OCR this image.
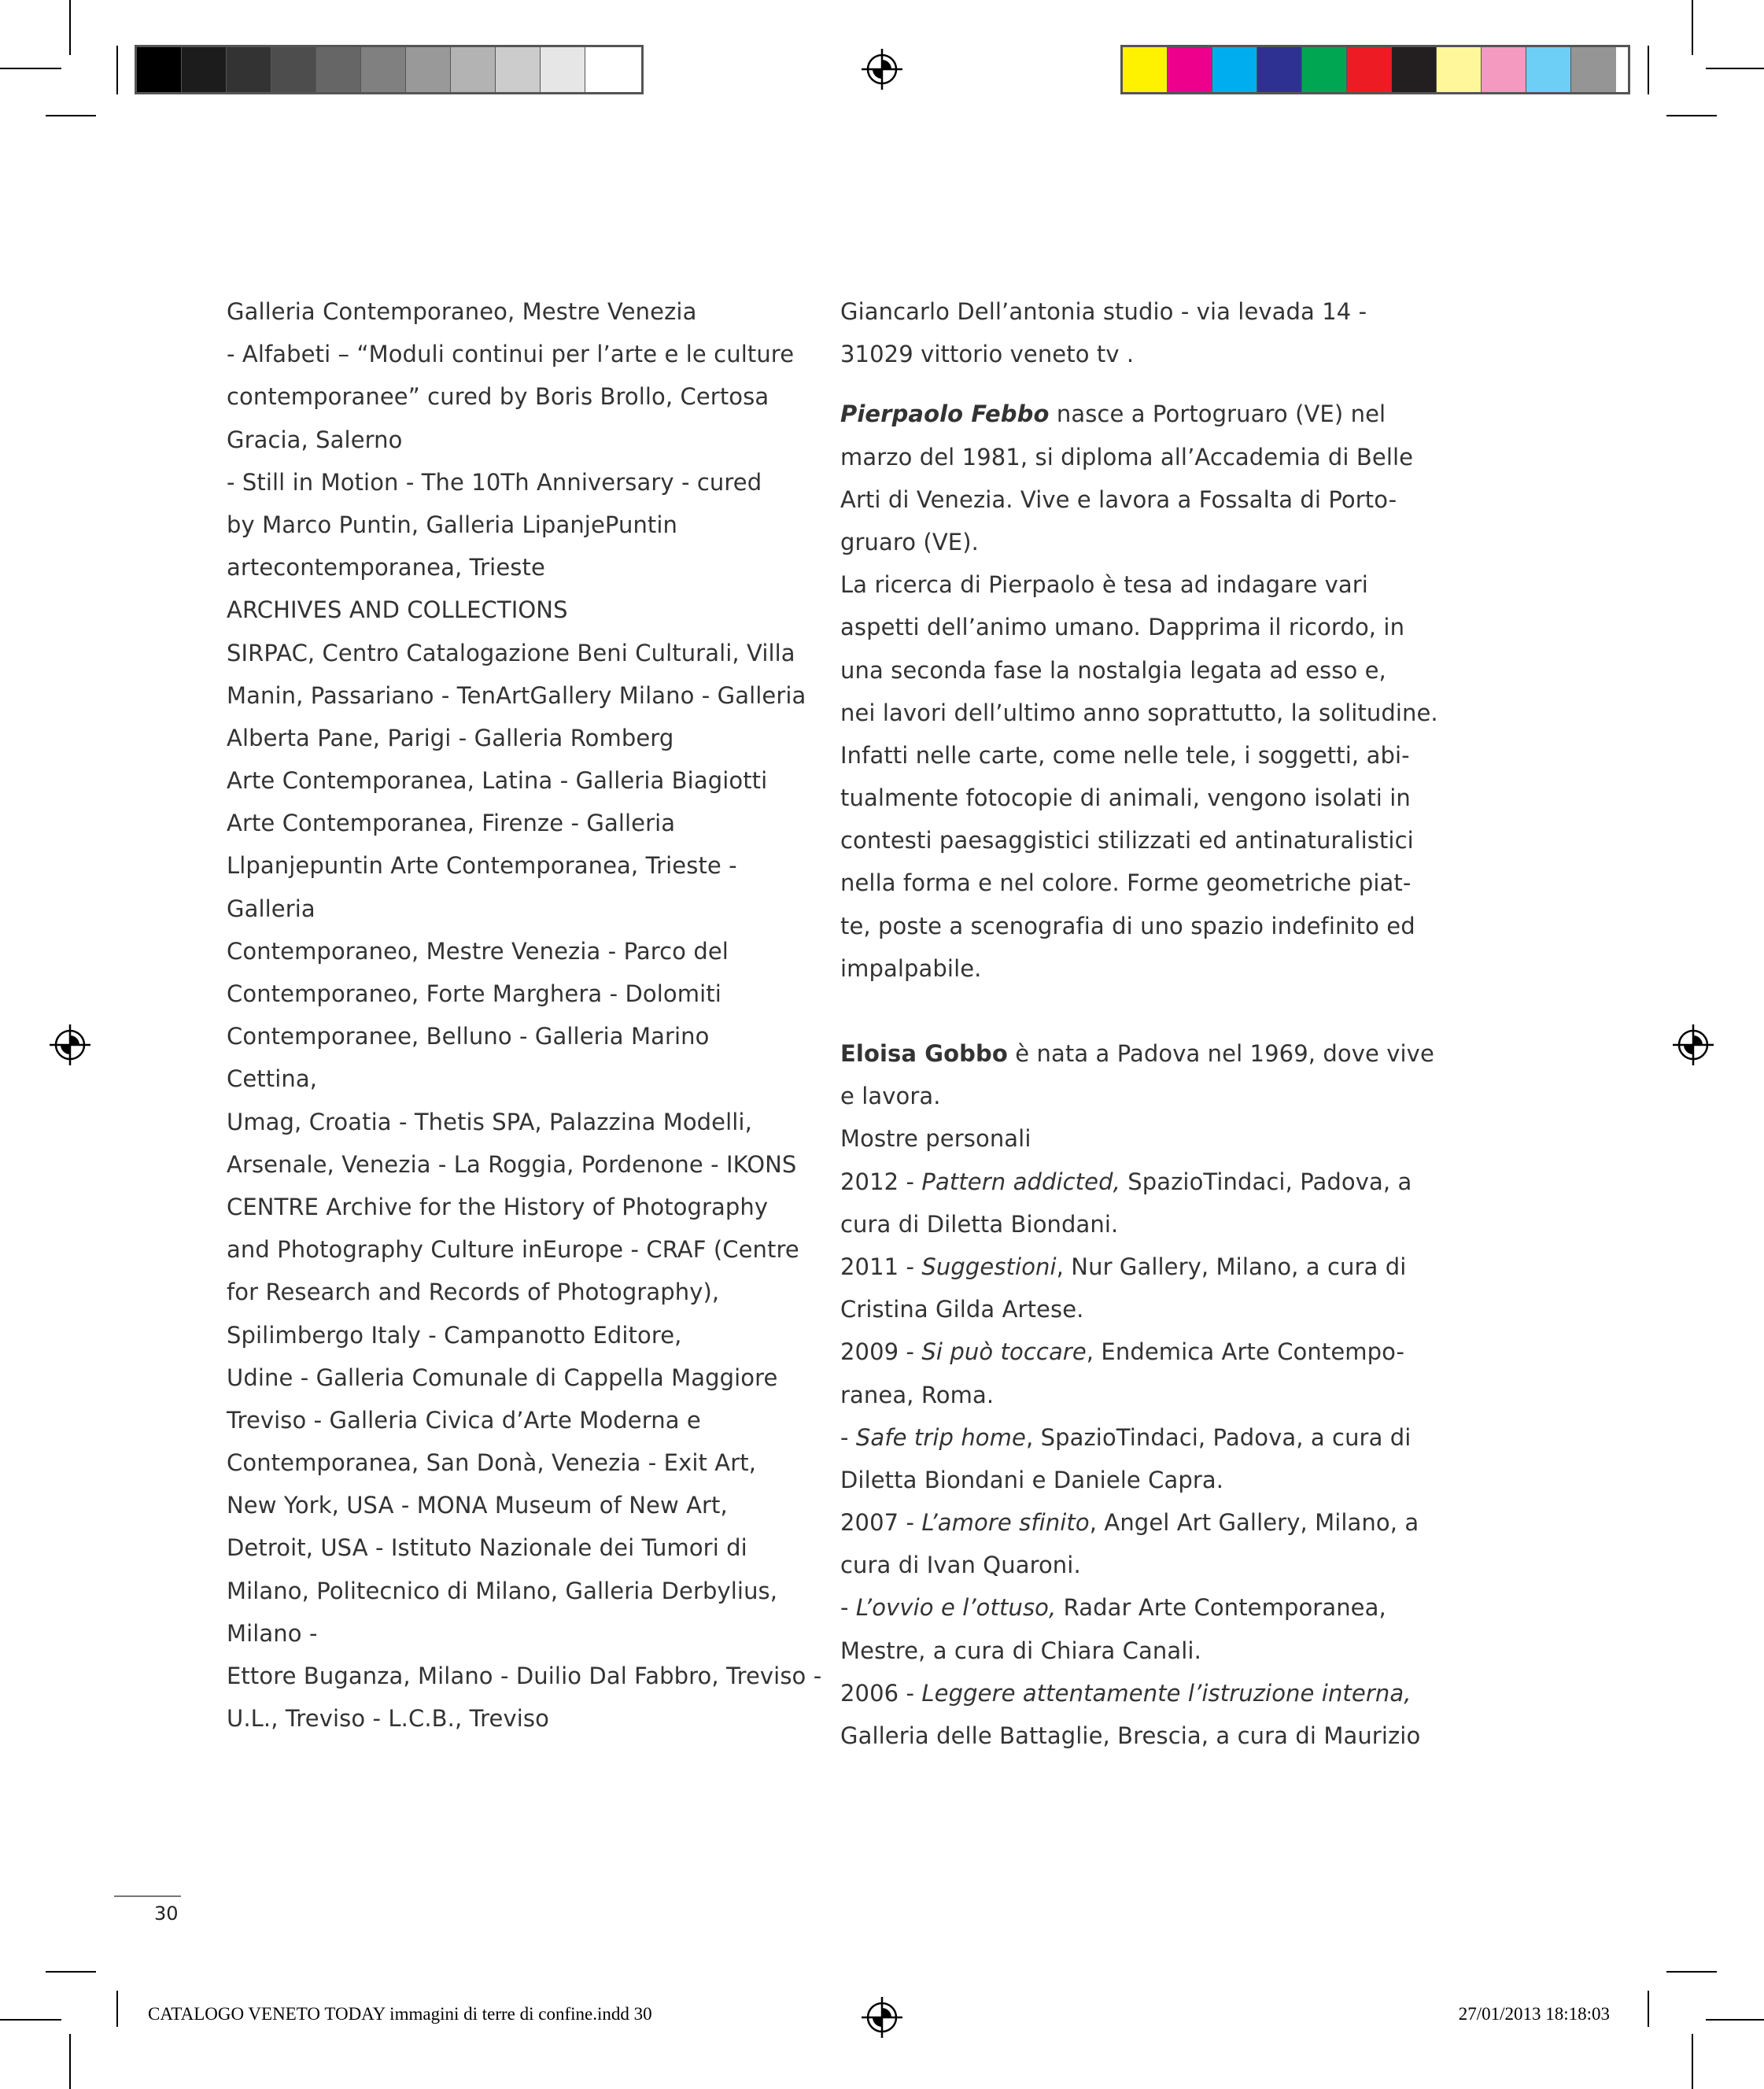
Galleria Contemporaneo, Mestre Venezia
- Alfabeti – “Moduli continui per l’arte e le culture
contemporanee” cured by Boris Brollo, Certosa
Gracia, Salerno
- Still in Motion - The 10Th Anniversary - cured
by Marco Puntin, Galleria LipanjePuntin
artecontemporanea, Trieste
ARCHIVES AND COLLECTIONS
SIRPAC, Centro Catalogazione Beni Culturali, Villa
Manin, Passariano - TenArtGallery Milano - Galleria
Alberta Pane, Parigi - Galleria Romberg
Arte Contemporanea, Latina - Galleria Biagiotti
Arte Contemporanea, Firenze - Galleria
Llpanjepuntin Arte Contemporanea, Trieste -
Galleria
Contemporaneo, Mestre Venezia - Parco del
Contemporaneo, Forte Marghera - Dolomiti
Contemporanee, Belluno - Galleria Marino
Cettina,
Umag, Croatia - Thetis SPA, Palazzina Modelli,
Arsenale, Venezia - La Roggia, Pordenone - IKONS
CENTRE Archive for the History of Photography
and Photography Culture inEurope - CRAF (Centre
for Research and Records of Photography),
Spilimbergo Italy - Campanotto Editore,
Udine - Galleria Comunale di Cappella Maggiore
Treviso - Galleria Civica d’Arte Moderna e
Contemporanea, San Donà, Venezia - Exit Art,
New York, USA - MONA Museum of New Art,
Detroit, USA - Istituto Nazionale dei Tumori di
Milano, Politecnico di Milano, Galleria Derbylius,
Milano -
Ettore Buganza, Milano - Duilio Dal Fabbro, Treviso -
U.L., Treviso - L.C.B., Treviso
Giancarlo Dell’antonia studio - via levada 14 -
31029 vittorio veneto tv .
Pierpaolo Febbo nasce a Portogruaro (VE) nel
marzo del 1981, si diploma all’Accademia di Belle
Arti di Venezia. Vive e lavora a Fossalta di Porto-
gruaro (VE).
La ricerca di Pierpaolo è tesa ad indagare vari
aspetti dell’animo umano. Dapprima il ricordo, in
una seconda fase la nostalgia legata ad esso e,
nei lavori dell’ultimo anno soprattutto, la solitudine.
Infatti nelle carte, come nelle tele, i soggetti, abi-
tualmente fotocopie di animali, vengono isolati in
contesti paesaggistici stilizzati ed antinaturalistici
nella forma e nel colore. Forme geometriche piat-
te, poste a scenografia di uno spazio indefinito ed
impalpabile.
Eloisa Gobbo è nata a Padova nel 1969, dove vive
e lavora.
Mostre personali
2012 - Pattern addicted, SpazioTindaci, Padova, a
cura di Diletta Biondani.
2011 - Suggestioni, Nur Gallery, Milano, a cura di
Cristina Gilda Artese.
2009 - Si può toccare, Endemica Arte Contempo-
ranea, Roma.
- Safe trip home, SpazioTindaci, Padova, a cura di
Diletta Biondani e Daniele Capra.
2007 - L’amore sfinito, Angel Art Gallery, Milano, a
cura di Ivan Quaroni.
- L’ovvio e l’ottuso, Radar Arte Contemporanea,
Mestre, a cura di Chiara Canali.
2006 - Leggere attentamente l’istruzione interna,
Galleria delle Battaglie, Brescia, a cura di Maurizio
30
CATALOGO VENETO TODAY immagini di terre di confine.indd 30	27/01/2013 18:18:03
